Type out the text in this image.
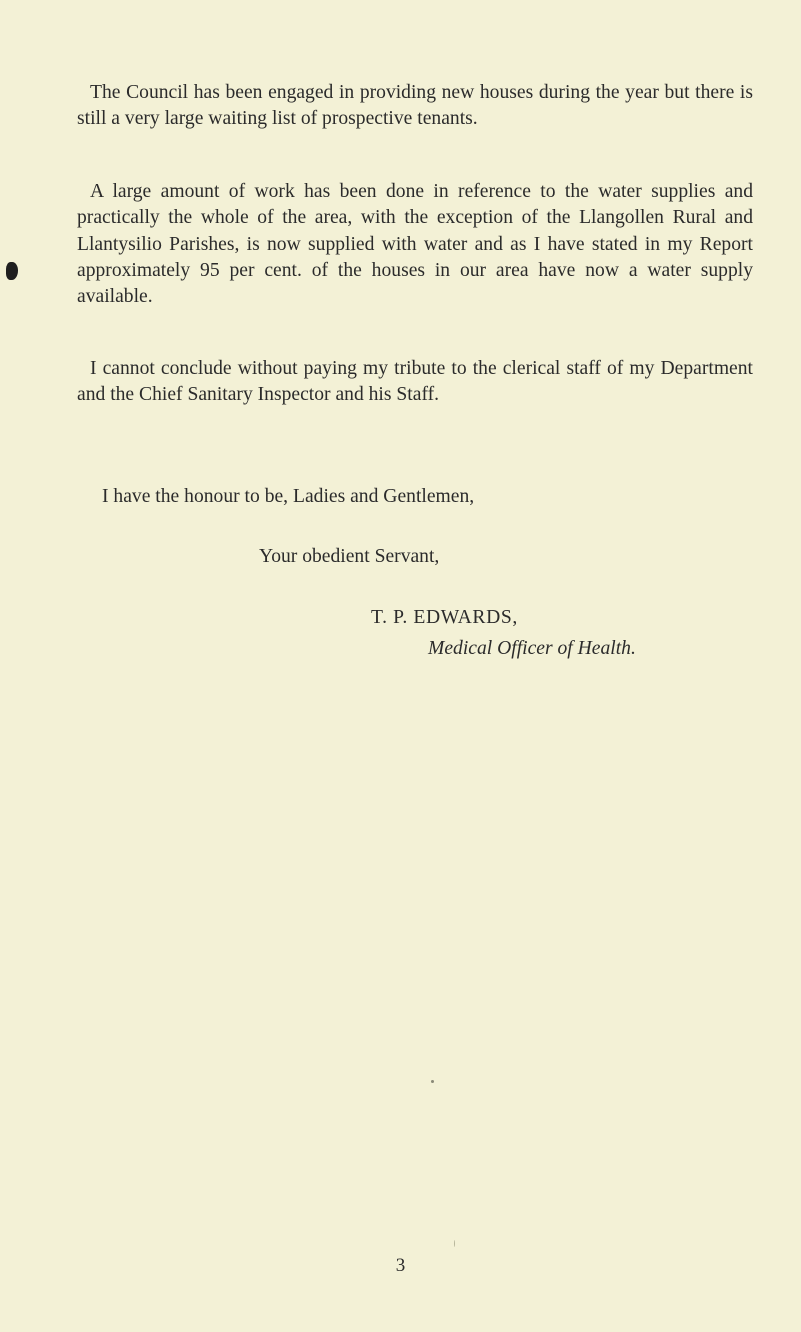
The Council has been engaged in providing new houses during the year but there is still a very large waiting list of prospective tenants.

A large amount of work has been done in reference to the water supplies and practically the whole of the area, with the exception of the Llangollen Rural and Llantysilio Parishes, is now supplied with water and as I have stated in my Report approximately 95 per cent. of the houses in our area have now a water supply available.

I cannot conclude without paying my tribute to the clerical staff of my Department and the Chief Sanitary Inspector and his Staff.

I have the honour to be, Ladies and Gentlemen,

Your obedient Servant,

T. P. EDWARDS,

Medical Officer of Health.

3
